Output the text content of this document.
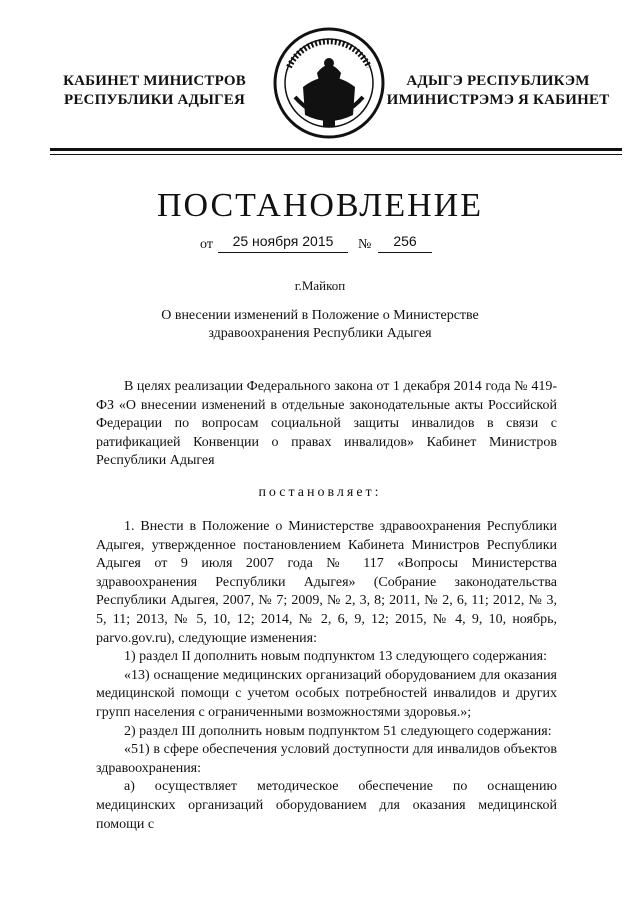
КАБИНЕТ МИНИСТРОВ
РЕСПУБЛИКИ АДЫГЕЯ
АДЫГЭ РЕСПУБЛИКЭМ
ИМИНИСТРЭМЭ Я КАБИНЕТ
ПОСТАНОВЛЕНИЕ
от	25 ноября 2015	№	256
г.Майкоп
О внесении изменений в Положение о Министерстве
здравоохранения Республики Адыгея

В целях реализации Федерального закона от 1 декабря 2014 года № 419-ФЗ «О внесении изменений в отдельные законодательные акты Российской Федерации по вопросам социальной защиты инвалидов в связи с ратификацией Конвенции о правах инвалидов» Кабинет Министров Республики Адыгея

постановляет:

1. Внести в Положение о Министерстве здравоохранения Республики Адыгея, утвержденное постановлением Кабинета Министров Республики Адыгея от 9 июля 2007 года № 117 «Вопросы Министерства здравоохранения Республики Адыгея» (Собрание законодательства Республики Адыгея, 2007, № 7; 2009, № 2, 3, 8; 2011, № 2, 6, 11; 2012, № 3, 5, 11; 2013, № 5, 10, 12; 2014, № 2, 6, 9, 12; 2015, № 4, 9, 10, ноябрь, parvo.gov.ru), следующие изменения:

1) раздел II дополнить новым подпунктом 13 следующего содержания:

«13) оснащение медицинских организаций оборудованием для оказания медицинской помощи с учетом особых потребностей инвалидов и других групп населения с ограниченными возможностями здоровья.»;

2) раздел III дополнить новым подпунктом 51 следующего содержания:

«51) в сфере обеспечения условий доступности для инвалидов объектов здравоохранения:

а) осуществляет методическое обеспечение по оснащению медицинских организаций оборудованием для оказания медицинской помощи с
